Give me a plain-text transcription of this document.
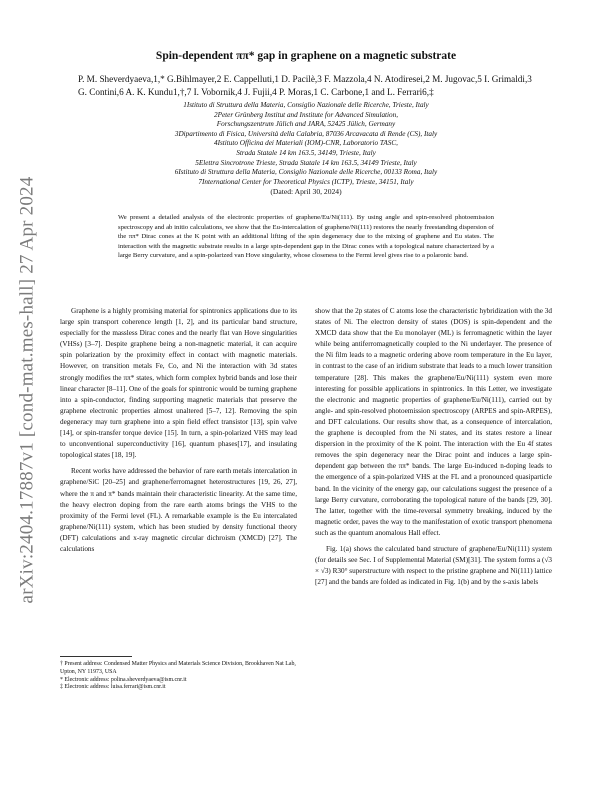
arXiv:2404.17887v1 [cond-mat.mes-hall] 27 Apr 2024
Spin-dependent ππ* gap in graphene on a magnetic substrate
P. M. Sheverdyaeva,1,* G.Bihlmayer,2 E. Cappelluti,1 D. Pacilè,3 F. Mazzola,4 N. Atodiresei,2 M. Jugovac,5 I. Grimaldi,3 G. Contini,6 A. K. Kundu1,†,7 I. Vobornik,4 J. Fujii,4 P. Moras,1 C. Carbone,1 and L. Ferrari6,‡
1Istituto di Struttura della Materia, Consiglio Nazionale delle Ricerche, Trieste, Italy
2Peter Grünberg Institut and Institute for Advanced Simulation,
Forschungszentrum Jülich and JARA, 52425 Jülich, Germany
3Dipartimento di Fisica, Università della Calabria, 87036 Arcavacata di Rende (CS), Italy
4Istituto Officina dei Materiali (IOM)-CNR, Laboratorio TASC,
Strada Statale 14 km 163.5, 34149, Trieste, Italy
5Elettra Sincrotrone Trieste, Strada Statale 14 km 163.5, 34149 Trieste, Italy
6Istituto di Struttura della Materia, Consiglio Nazionale delle Ricerche, 00133 Roma, Italy
7International Center for Theoretical Physics (ICTP), Trieste, 34151, Italy
(Dated: April 30, 2024)
We present a detailed analysis of the electronic properties of graphene/Eu/Ni(111). By using angle and spin-resolved photoemission spectroscopy and ab initio calculations, we show that the Eu-intercalation of graphene/Ni(111) restores the nearly freestanding dispersion of the ππ* Dirac cones at the K point with an additional lifting of the spin degeneracy due to the mixing of graphene and Eu states. The interaction with the magnetic substrate results in a large spin-dependent gap in the Dirac cones with a topological nature characterized by a large Berry curvature, and a spin-polarized van Hove singularity, whose closeness to the Fermi level gives rise to a polaronic band.

Graphene is a highly promising material for spintronics applications due to its large spin transport coherence length [1, 2], and its particular band structure, especially for the massless Dirac cones and the nearly flat van Hove singularities (VHSs) [3–7]. Despite graphene being a non-magnetic material, it can acquire spin polarization by the proximity effect in contact with magnetic materials. However, on transition metals Fe, Co, and Ni the interaction with 3d states strongly modifies the ππ* states, which form complex hybrid bands and lose their linear character [8–11]. One of the goals for spintronic would be turning graphene into a spin-conductor, finding supporting magnetic materials that preserve the graphene electronic properties almost unaltered [5–7, 12]. Removing the spin degeneracy may turn graphene into a spin field effect transistor [13], spin valve [14], or spin-transfer torque device [15]. In turn, a spin-polarized VHS may lead to unconventional superconductivity [16], quantum phases[17], and insulating topological states [18, 19].

Recent works have addressed the behavior of rare earth metals intercalation in graphene/SiC [20–25] and graphene/ferromagnet heterostructures [19, 26, 27], where the π and π* bands maintain their characteristic linearity. At the same time, the heavy electron doping from the rare earth atoms brings the VHS to the proximity of the Fermi level (FL). A remarkable example is the Eu intercalated graphene/Ni(111) system, which has been studied by density functional theory (DFT) calculations and x-ray magnetic circular dichroism (XMCD) [27]. The calculations

show that the 2p states of C atoms lose the characteristic hybridization with the 3d states of Ni. The electron density of states (DOS) is spin-dependent and the XMCD data show that the Eu monolayer (ML) is ferromagnetic within the layer while being antiferromagnetically coupled to the Ni underlayer. The presence of the Ni film leads to a magnetic ordering above room temperature in the Eu layer, in contrast to the case of an iridium substrate that leads to a much lower transition temperature [28]. This makes the graphene/Eu/Ni(111) system even more interesting for possible applications in spintronics. In this Letter, we investigate the electronic and magnetic properties of graphene/Eu/Ni(111), carried out by angle- and spin-resolved photoemission spectroscopy (ARPES and spin-ARPES), and DFT calculations. Our results show that, as a consequence of intercalation, the graphene is decoupled from the Ni states, and its states restore a linear dispersion in the proximity of the K point. The interaction with the Eu 4f states removes the spin degeneracy near the Dirac point and induces a large spin-dependent gap between the ππ* bands. The large Eu-induced n-doping leads to the emergence of a spin-polarized VHS at the FL and a pronounced quasiparticle band. In the vicinity of the energy gap, our calculations suggest the presence of a large Berry curvature, corroborating the topological nature of the bands [29, 30]. The latter, together with the time-reversal symmetry breaking, induced by the magnetic order, paves the way to the manifestation of exotic transport phenomena such as the quantum anomalous Hall effect.

Fig. 1(a) shows the calculated band structure of graphene/Eu/Ni(111) system (for details see Sec. I of Supplemental Material (SM)[31]. The system forms a (√3 × √3) R30° superstructure with respect to the pristine graphene and Ni(111) lattice [27] and the bands are folded as indicated in Fig. 1(b) and by the s-axis labels

† Present address: Condensed Matter Physics and Materials Science Division, Brookhaven Nat Lab, Upton, NY 11973, USA
* Electronic address: polina.sheverdyaeva@ism.cnr.it
‡ Electronic address: luisa.ferrari@ism.cnr.it
